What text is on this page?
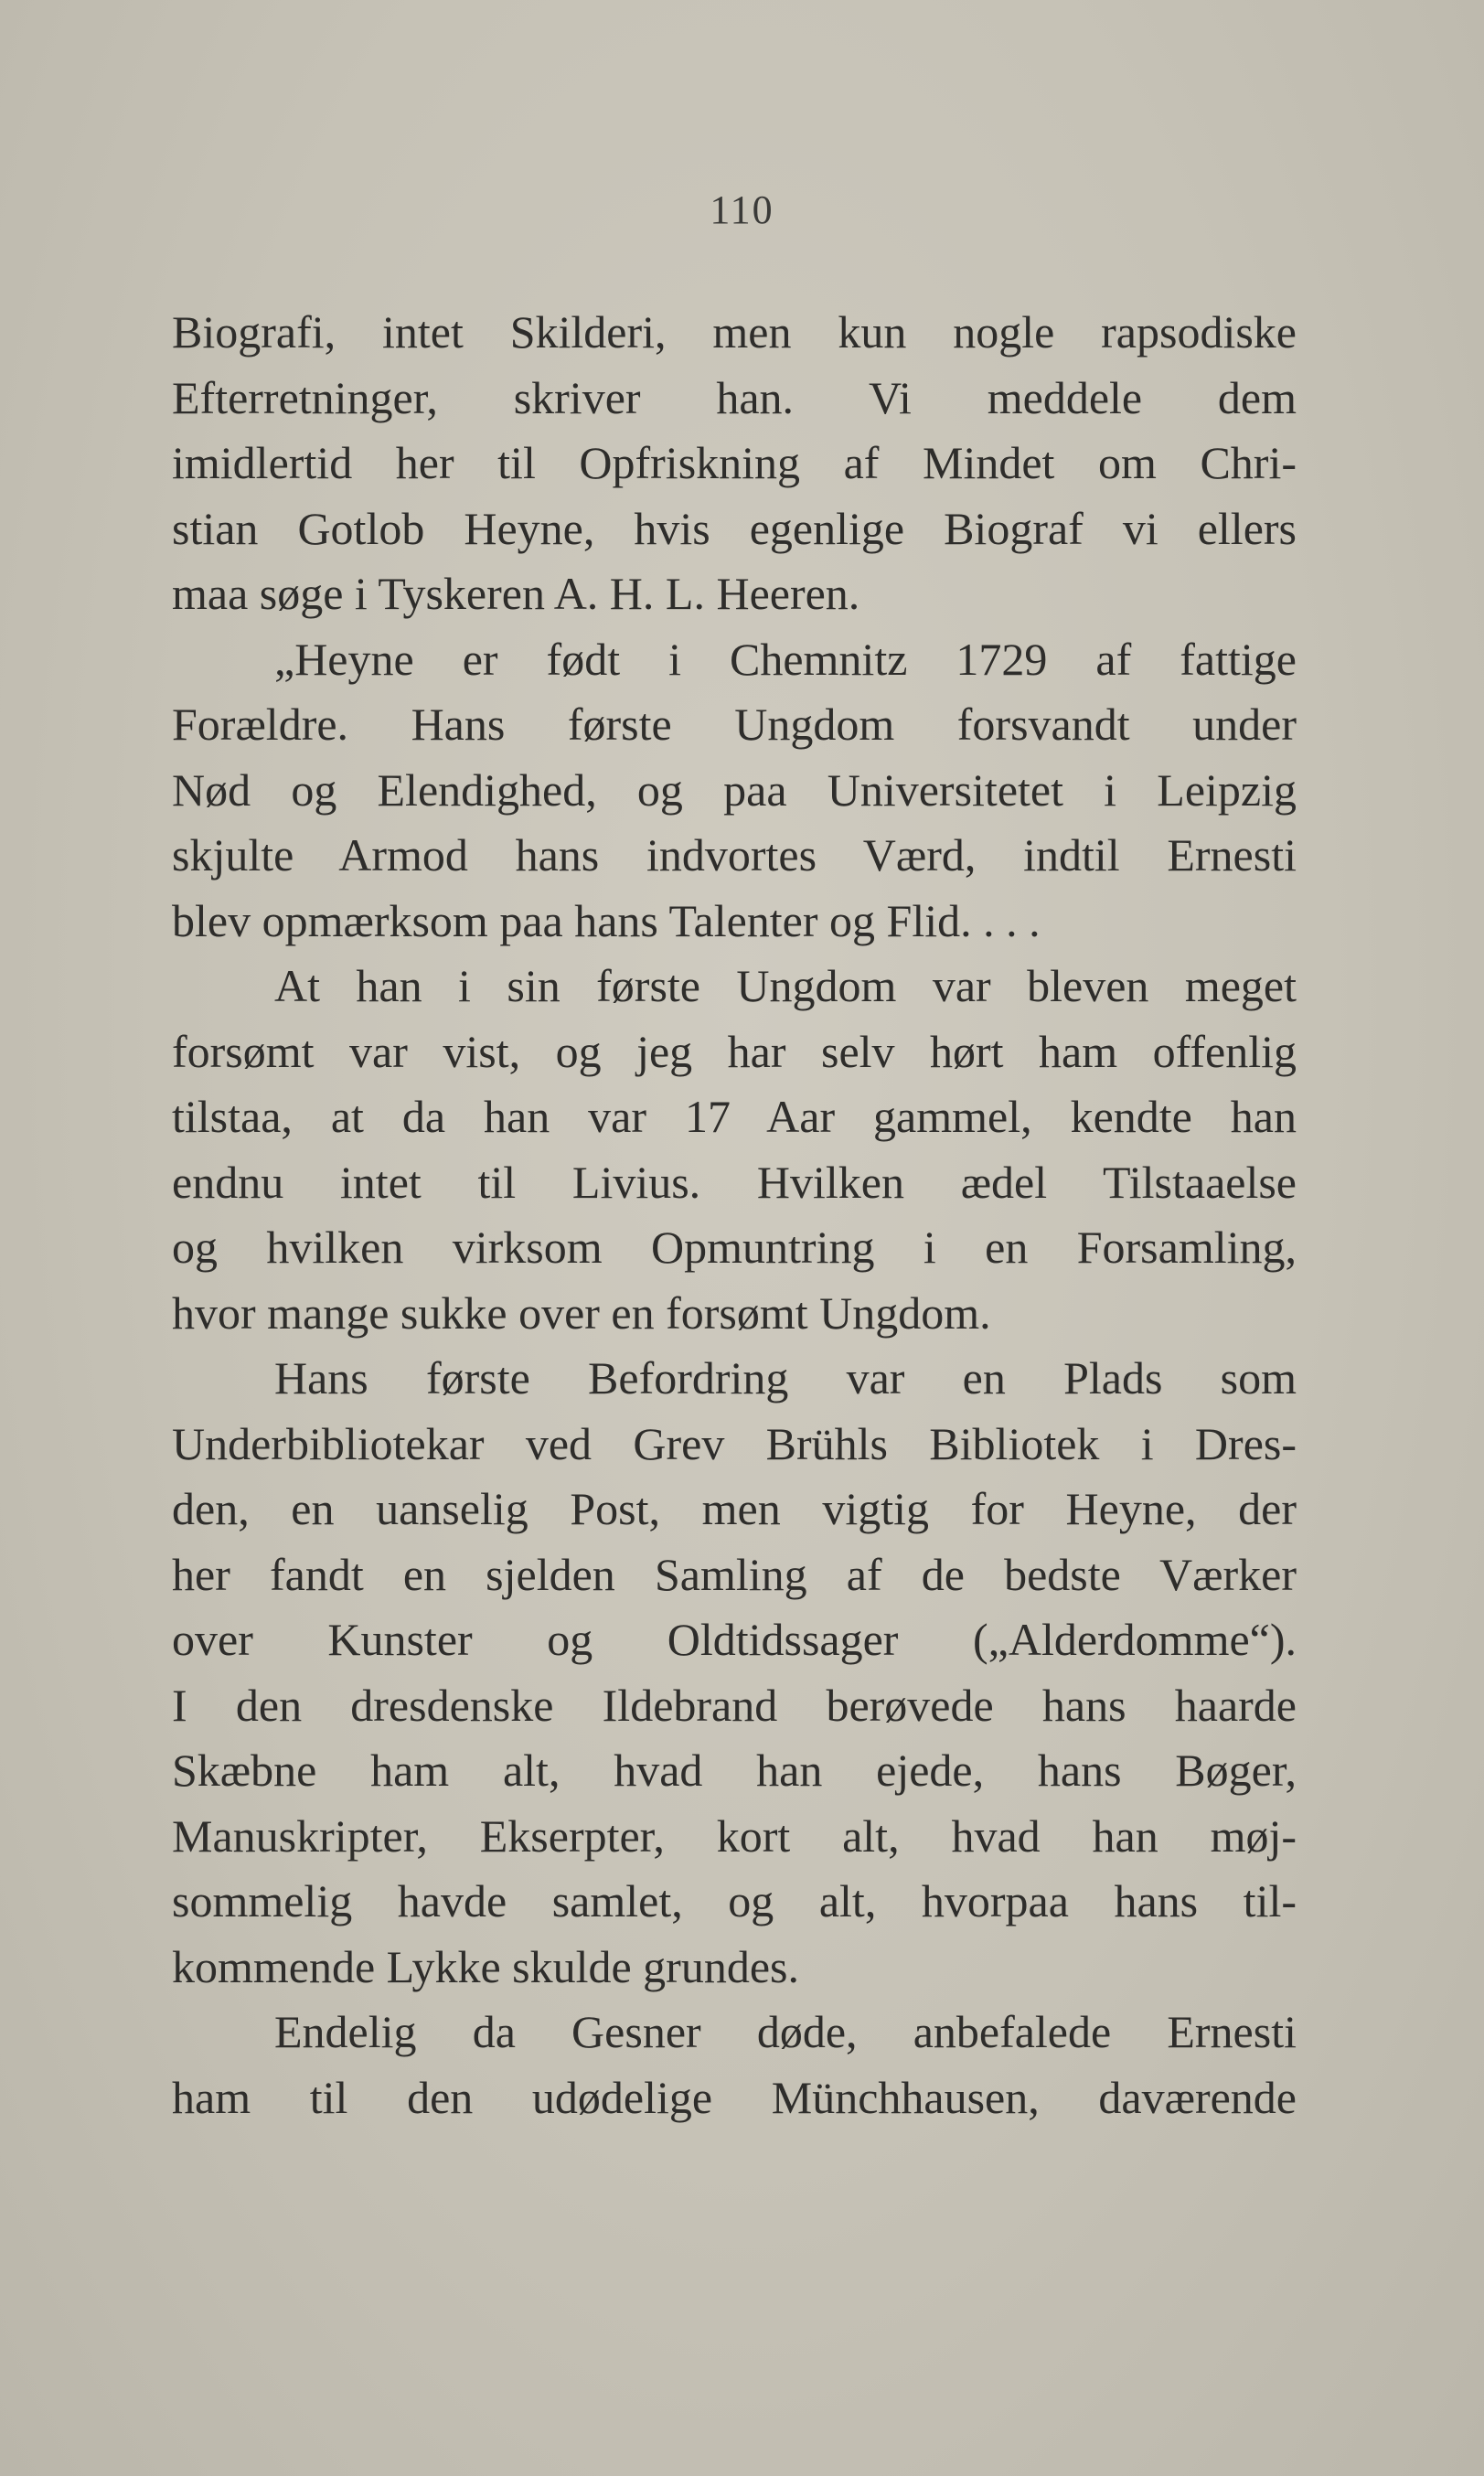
110
Biografi, intet Skilderi, men kun nogle rapsodiske
Efterretninger, skriver han. Vi meddele dem
imidlertid her til Opfriskning af Mindet om Chri-
stian Gotlob Heyne, hvis egenlige Biograf vi ellers
maa søge i Tyskeren A. H. L. Heeren.
„Heyne er født i Chemnitz 1729 af fattige
Forældre. Hans første Ungdom forsvandt under
Nød og Elendighed, og paa Universitetet i Leipzig
skjulte Armod hans indvortes Værd, indtil Ernesti
blev opmærksom paa hans Talenter og Flid. . . .
At han i sin første Ungdom var bleven meget
forsømt var vist, og jeg har selv hørt ham offenlig
tilstaa, at da han var 17 Aar gammel, kendte han
endnu intet til Livius. Hvilken ædel Tilstaaelse
og hvilken virksom Opmuntring i en Forsamling,
hvor mange sukke over en forsømt Ungdom.
Hans første Befordring var en Plads som
Underbibliotekar ved Grev Brühls Bibliotek i Dres-
den, en uanselig Post, men vigtig for Heyne, der
her fandt en sjelden Samling af de bedste Værker
over Kunster og Oldtidssager („Alderdomme“).
I den dresdenske Ildebrand berøvede hans haarde
Skæbne ham alt, hvad han ejede, hans Bøger,
Manuskripter, Ekserpter, kort alt, hvad han møj-
sommelig havde samlet, og alt, hvorpaa hans til-
kommende Lykke skulde grundes.
Endelig da Gesner døde, anbefalede Ernesti
ham til den udødelige Münchhausen, daværende
